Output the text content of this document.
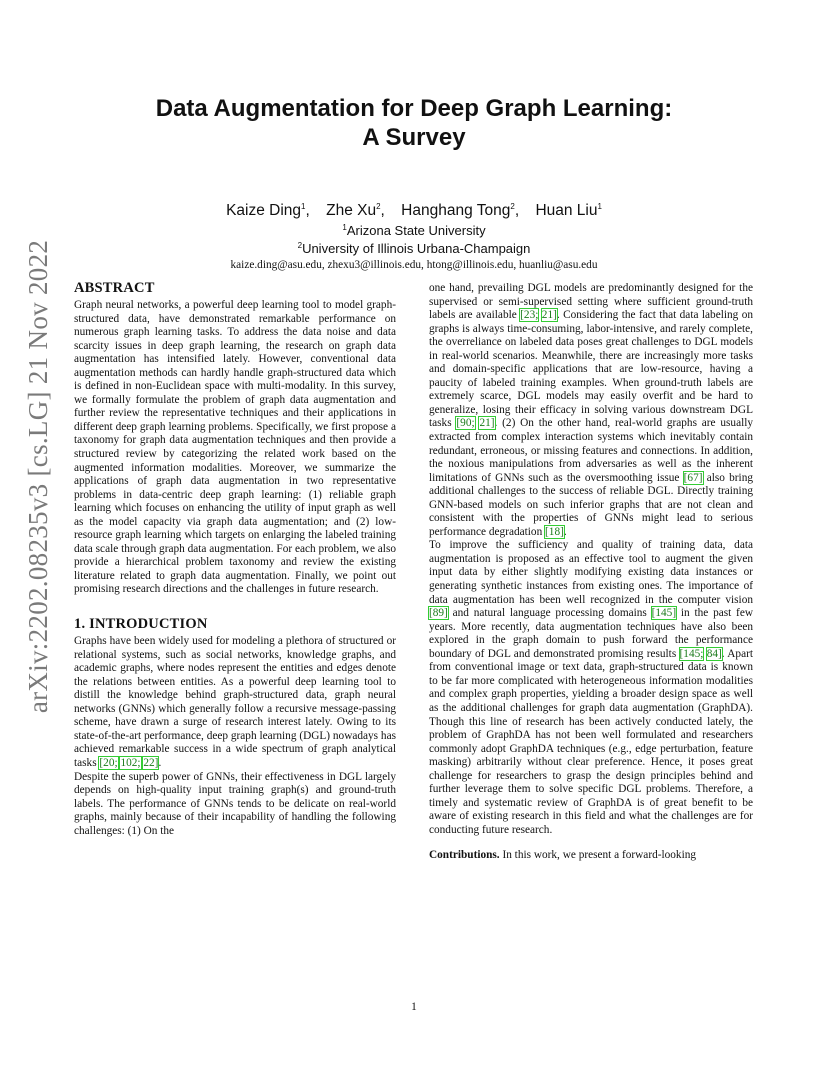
arXiv:2202.08235v3 [cs.LG] 21 Nov 2022
Data Augmentation for Deep Graph Learning:
A Survey
Kaize Ding$^1$, Zhe Xu$^2$, Hanghang Tong$^2$, Huan Liu$^1$
$^1$Arizona State University
$^2$University of Illinois Urbana-Champaign
kaize.ding@asu.edu, zhexu3@illinois.edu, htong@illinois.edu, huanliu@asu.edu
ABSTRACT

Graph neural networks, a powerful deep learning tool to model graph-structured data, have demonstrated remarkable performance on numerous graph learning tasks. To address the data noise and data scarcity issues in deep graph learning, the research on graph data augmentation has intensified lately. However, conventional data augmentation methods can hardly handle graph-structured data which is defined in non-Euclidean space with multi-modality. In this survey, we formally formulate the problem of graph data augmentation and further review the representative techniques and their applications in different deep graph learning problems. Specifically, we first propose a taxonomy for graph data augmentation techniques and then provide a structured review by categorizing the related work based on the augmented information modalities. Moreover, we summarize the applications of graph data augmentation in two representative problems in data-centric deep graph learning: (1) reliable graph learning which focuses on enhancing the utility of input graph as well as the model capacity via graph data augmentation; and (2) low-resource graph learning which targets on enlarging the labeled training data scale through graph data augmentation. For each problem, we also provide a hierarchical problem taxonomy and review the existing literature related to graph data augmentation. Finally, we point out promising research directions and the challenges in future research.

1. INTRODUCTION

Graphs have been widely used for modeling a plethora of structured or relational systems, such as social networks, knowledge graphs, and academic graphs, where nodes represent the entities and edges denote the relations between entities. As a powerful deep learning tool to distill the knowledge behind graph-structured data, graph neural networks (GNNs) which generally follow a recursive message-passing scheme, have drawn a surge of research interest lately. Owing to its state-of-the-art performance, deep graph learning (DGL) nowadays has achieved remarkable success in a wide spectrum of graph analytical tasks [20; 102; 22].

Despite the superb power of GNNs, their effectiveness in DGL largely depends on high-quality input training graph(s) and ground-truth labels. The performance of GNNs tends to be delicate on real-world graphs, mainly because of their incapability of handling the following challenges: (1) On the

one hand, prevailing DGL models are predominantly designed for the supervised or semi-supervised setting where sufficient ground-truth labels are available [23; 21]. Considering the fact that data labeling on graphs is always time-consuming, labor-intensive, and rarely complete, the overreliance on labeled data poses great challenges to DGL models in real-world scenarios. Meanwhile, there are increasingly more tasks and domain-specific applications that are low-resource, having a paucity of labeled training examples. When ground-truth labels are extremely scarce, DGL models may easily overfit and be hard to generalize, losing their efficacy in solving various downstream DGL tasks [90; 21]. (2) On the other hand, real-world graphs are usually extracted from complex interaction systems which inevitably contain redundant, erroneous, or missing features and connections. In addition, the noxious manipulations from adversaries as well as the inherent limitations of GNNs such as the oversmoothing issue [67] also bring additional challenges to the success of reliable DGL. Directly training GNN-based models on such inferior graphs that are not clean and consistent with the properties of GNNs might lead to serious performance degradation [18].

To improve the sufficiency and quality of training data, data augmentation is proposed as an effective tool to augment the given input data by either slightly modifying existing data instances or generating synthetic instances from existing ones. The importance of data augmentation has been well recognized in the computer vision [89] and natural language processing domains [145] in the past few years. More recently, data augmentation techniques have also been explored in the graph domain to push forward the performance boundary of DGL and demonstrated promising results [145; 84]. Apart from conventional image or text data, graph-structured data is known to be far more complicated with heterogeneous information modalities and complex graph properties, yielding a broader design space as well as the additional challenges for graph data augmentation (GraphDA). Though this line of research has been actively conducted lately, the problem of GraphDA has not been well formulated and researchers commonly adopt GraphDA techniques (e.g., edge perturbation, feature masking) arbitrarily without clear preference. Hence, it poses great challenge for researchers to grasp the design principles behind and further leverage them to solve specific DGL problems. Therefore, a timely and systematic review of GraphDA is of great benefit to be aware of existing research in this field and what the challenges are for conducting future research.

Contributions. In this work, we present a forward-looking

1
